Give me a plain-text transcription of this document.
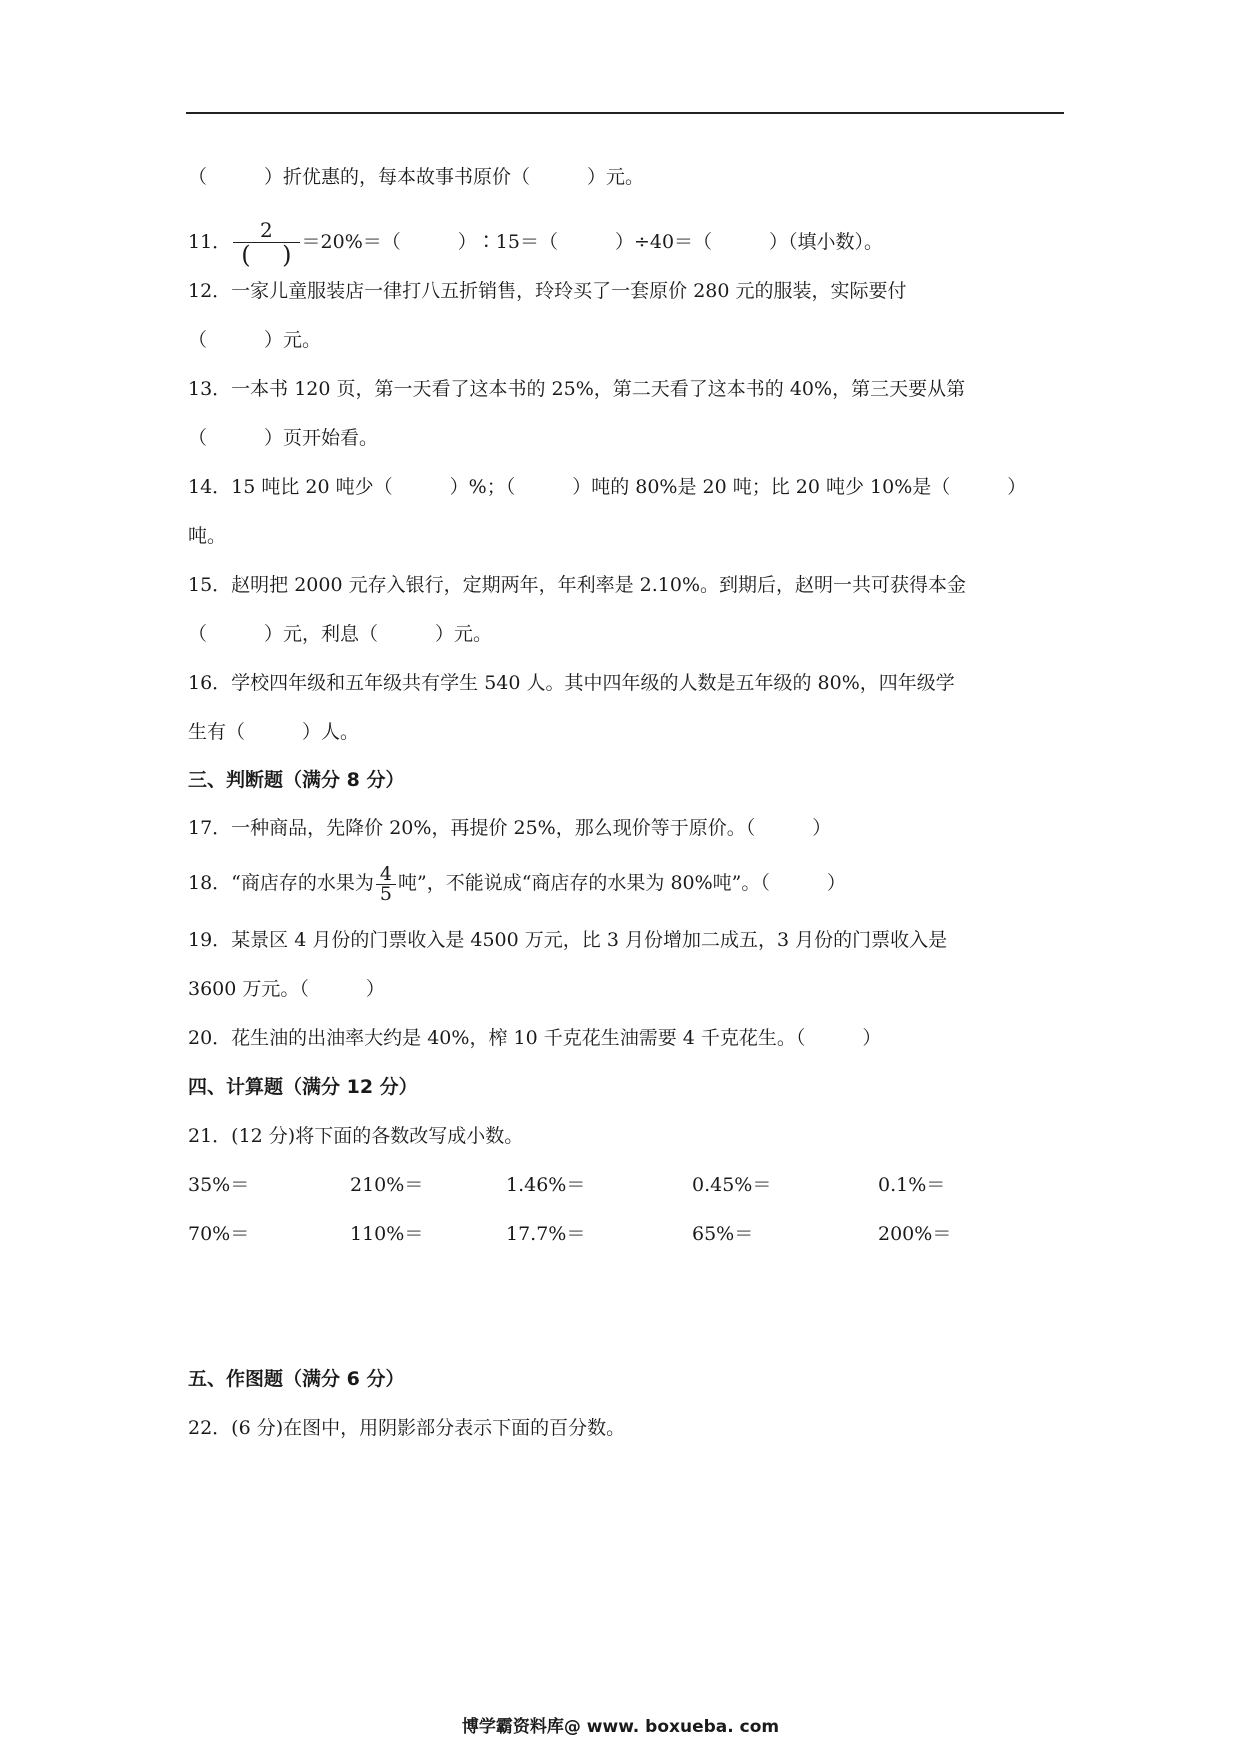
（　　　）折优惠的，每本故事书原价（　　　）元。
11． $\frac{2}{( )} =20\%=$（　　　）∶15＝（　　　）÷40＝（　　　）（填小数）。
12．一家儿童服装店一律打八五折销售，玲玲买了一套原价 280 元的服装，实际要付
（　　　）元。
13．一本书 120 页，第一天看了这本书的 25%，第二天看了这本书的 40%，第三天要从第
（　　　）页开始看。
14．15 吨比 20 吨少（　　　）%；（　　　）吨的 80%是 20 吨；比 20 吨少 10%是（　　　）
吨。
15．赵明把 2000 元存入银行，定期两年，年利率是 2.10%。到期后，赵明一共可获得本金
（　　　）元，利息（　　　）元。
16．学校四年级和五年级共有学生 540 人。其中四年级的人数是五年级的 80%，四年级学
生有（　　　）人。
三、判断题（满分 8 分）
17．一种商品，先降价 20%，再提价 25%，那么现价等于原价。（　　　）
18．“商店存的水果为 $\frac{4}{5}$ 吨”，不能说成“商店存的水果为 80%吨”。（　　　）
19．某景区 4 月份的门票收入是 4500 万元，比 3 月份增加二成五，3 月份的门票收入是
3600 万元。（　　　）
20．花生油的出油率大约是 40%，榨 10 千克花生油需要 4 千克花生。（　　　）
四、计算题（满分 12 分）
21．(12 分)将下面的各数改写成小数。
35%＝	210%＝	1.46%＝	0.45%＝	0.1%＝
70%＝	110%＝	17.7%＝	65%＝	200%＝
五、作图题（满分 6 分）
22．(6 分)在图中，用阴影部分表示下面的百分数。
博学霸资料库@ www. boxueba. com
